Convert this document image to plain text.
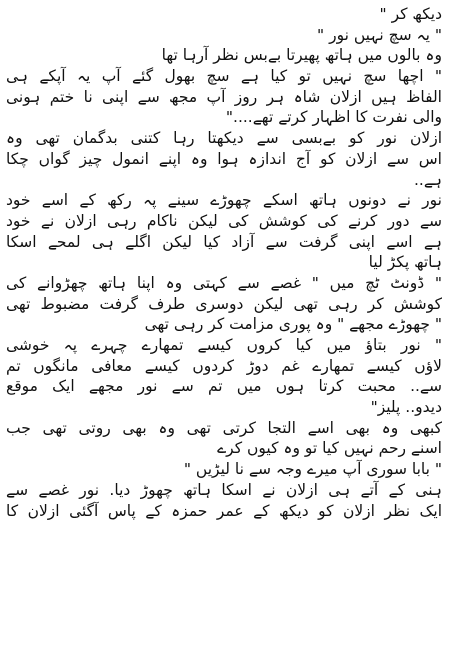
دیکھ کر "
" یہ سچ نہیں نور "
وہ بالوں میں ہاتھ پھیرتا بےبس نظر آرہا تھا
" اچھا سچ نہیں تو کیا ہے سچ بھول گئے آپ یہ آپکے ہی
الفاظ ہیں ازلان شاہ ہر روز آپ مجھ سے اپنی نا ختم ہونی
والی نفرت کا اظہار کرتے تھے...."
ازلان نور کو بےبسی سے دیکھتا رہا کتنی بدگمان تھی وہ
اس سے ازلان کو آج اندازہ ہوا وہ اپنے انمول چیز گواں چکا
ہے..
نور نے دونوں ہاتھ اسکے چھوڑے سینے پہ رکھ کے اسے خود
سے دور کرنے کی کوشش کی لیکن ناکام رہی ازلان نے خود
ہے اسے اپنی گرفت سے آزاد کیا لیکن اگلے ہی لمحے اسکا
ہاتھ پکڑ لیا
" ڈونٹ ٹچ میں " غصے سے کہتی وہ اپنا ہاتھ چھڑوانے کی
کوشش کر رہی تھی لیکن دوسری طرف گرفت مضبوط تھی
" چھوڑے مجھے " وہ پوری مزامت کر رہی تھی
" نور بتاؤ میں کیا کروں کیسے تمھارے چہرے پہ خوشی
لاؤں کیسے تمھارے غم دوڑ کردوں کیسے معافی مانگوں تم
سے.. محبت کرتا ہوں میں تم سے نور مجھے ایک موقع
دیدو.. پلیز"
کبھی وہ بھی اسے التجا کرتی تھی وہ بھی روتی تھی جب
اسنے رحم نہیں کیا تو وہ کیوں کرے
" بابا سوری آپ میرے وجہ سے نا لیڑیں "
ہنی کے آتے ہی ازلان نے اسکا ہاتھ چھوڑ دیا. نور غصے سے
ایک نظر ازلان کو دیکھ کے عمر حمزہ کے پاس آگئی ازلان کا
